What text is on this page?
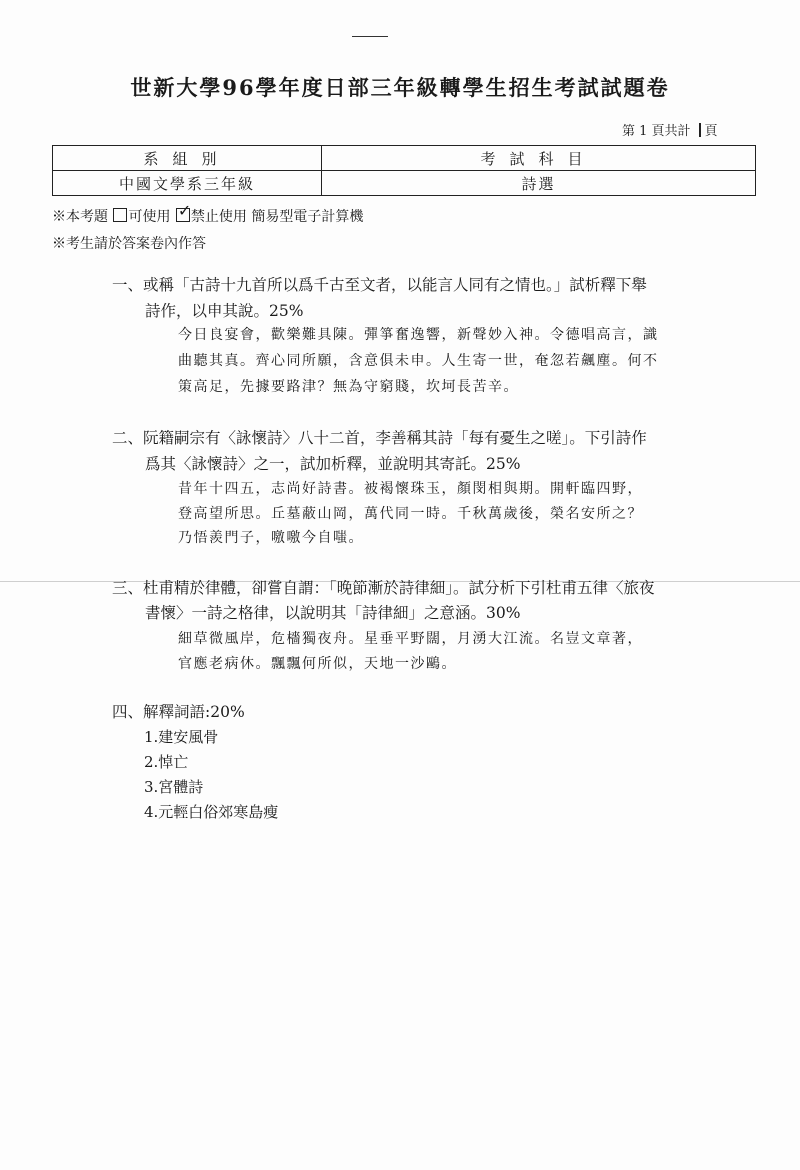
世新大學96學年度日部三年級轉學生招生考試試題卷
第 1 頁共計 頁
系組別	考試科目
中國文學系三年級	詩選
※本考題 可使用 ✓ 禁止使用 簡易型電子計算機
※考生請於答案卷內作答
一、或稱「古詩十九首所以爲千古至文者，以能言人同有之情也。」試析釋下舉
詩作，以申其說。25%
今日良宴會，歡樂難具陳。彈箏奮逸響，新聲妙入神。令德唱高言，識
曲聽其真。齊心同所願，含意俱未申。人生寄一世，奄忽若飆塵。何不
策高足，先據要路津？無為守窮賤，坎坷長苦辛。
二、阮籍嗣宗有〈詠懷詩〉八十二首，李善稱其詩「每有憂生之嗟」。下引詩作
爲其〈詠懷詩〉之一，試加析釋，並說明其寄託。25%
昔年十四五，志尚好詩書。被褐懷珠玉，顏閔相與期。開軒臨四野，
登高望所思。丘墓蔽山岡，萬代同一時。千秋萬歲後，榮名安所之？
乃悟羨門子，噭噭今自嗤。
三、杜甫精於律體，卻嘗自謂：「晚節漸於詩律細」。試分析下引杜甫五律〈旅夜
書懷〉一詩之格律，以說明其「詩律細」之意涵。30%
細草微風岸，危檣獨夜舟。星垂平野闊，月湧大江流。名豈文章著，
官應老病休。飄飄何所似，天地一沙鷗。
四、解釋詞語:20%
1.建安風骨
2.悼亡
3.宮體詩
4.元輕白俗郊寒島瘦
